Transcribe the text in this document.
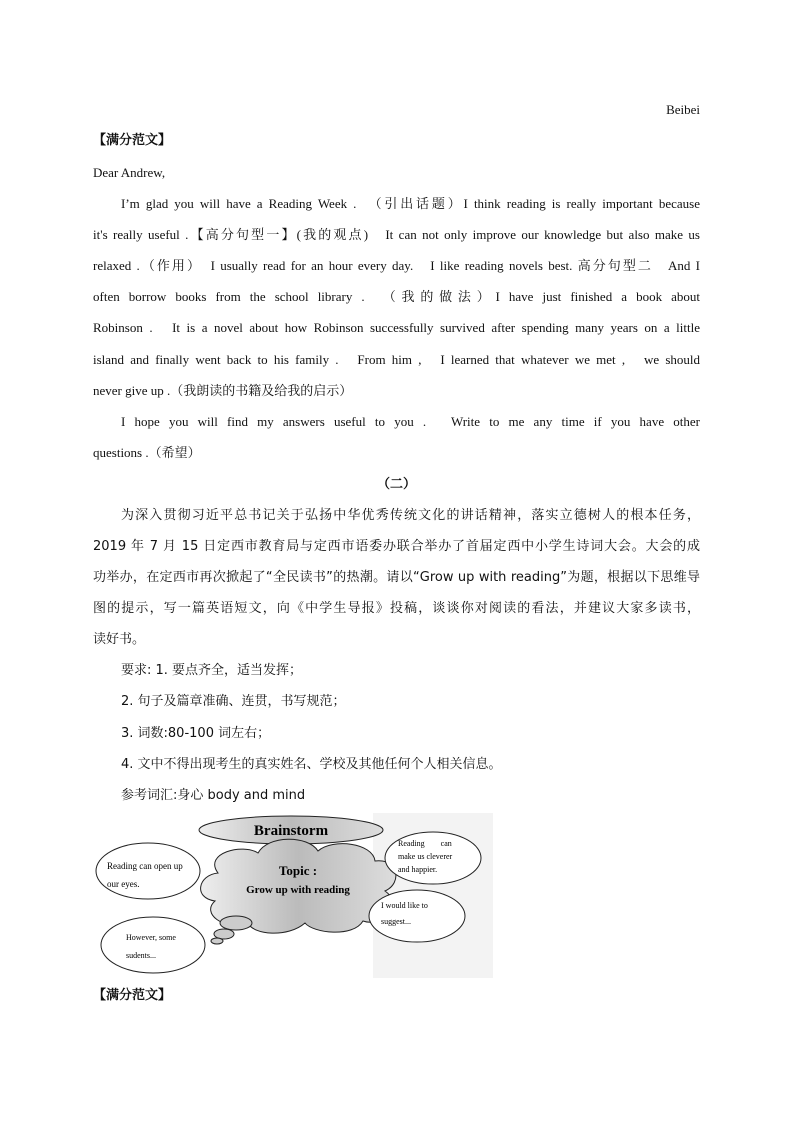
Beibei
【满分范文】
Dear Andrew,
I’m glad you will have a Reading Week .　（引出话题）I think reading is really important because
it's really useful .【高分句型一】(我的观点)　It can not only improve our knowledge but also make us
relaxed .（作用）　I usually read for an hour every day.　I like reading novels best. 高分句型二　And I
often borrow books from the school library .　（我的做法）I have just finished a book about
Robinson .　It is a novel about how Robinson successfully survived after spending many years on a little
island and finally went back to his family .　From him ,　I learned that whatever we met ,　we should
never give up .（我朗读的书籍及给我的启示）
I hope you will find my answers useful to you .　Write to me any time if you have other
questions .（希望）
（二）
为深入贯彻习近平总书记关于弘扬中华优秀传统文化的讲话精神，落实立德树人的根本任务，
2019 年 7 月 15 日定西市教育局与定西市语委办联合举办了首届定西中小学生诗词大会。大会的成
功举办，在定西市再次掀起了“全民读书”的热潮。请以“Grow up with reading”为题，根据以下思维导
图的提示，写一篇英语短文，向《中学生导报》投稿，谈谈你对阅读的看法，并建议大家多读书，
读好书。
要求: 1. 要点齐全，适当发挥；
2. 句子及篇章准确、连贯，书写规范；
3. 词数:80-100 词左右；
4. 文中不得出现考生的真实姓名、学校及其他任何个人相关信息。
参考词汇:身心 body and mind
Brainstorm
Topic :
Grow up with reading
Reading can open up
our eyes.
Reading　　can
make us cleverer
and happier.
I would like to
suggest...
However, some
sudents...
【满分范文】
